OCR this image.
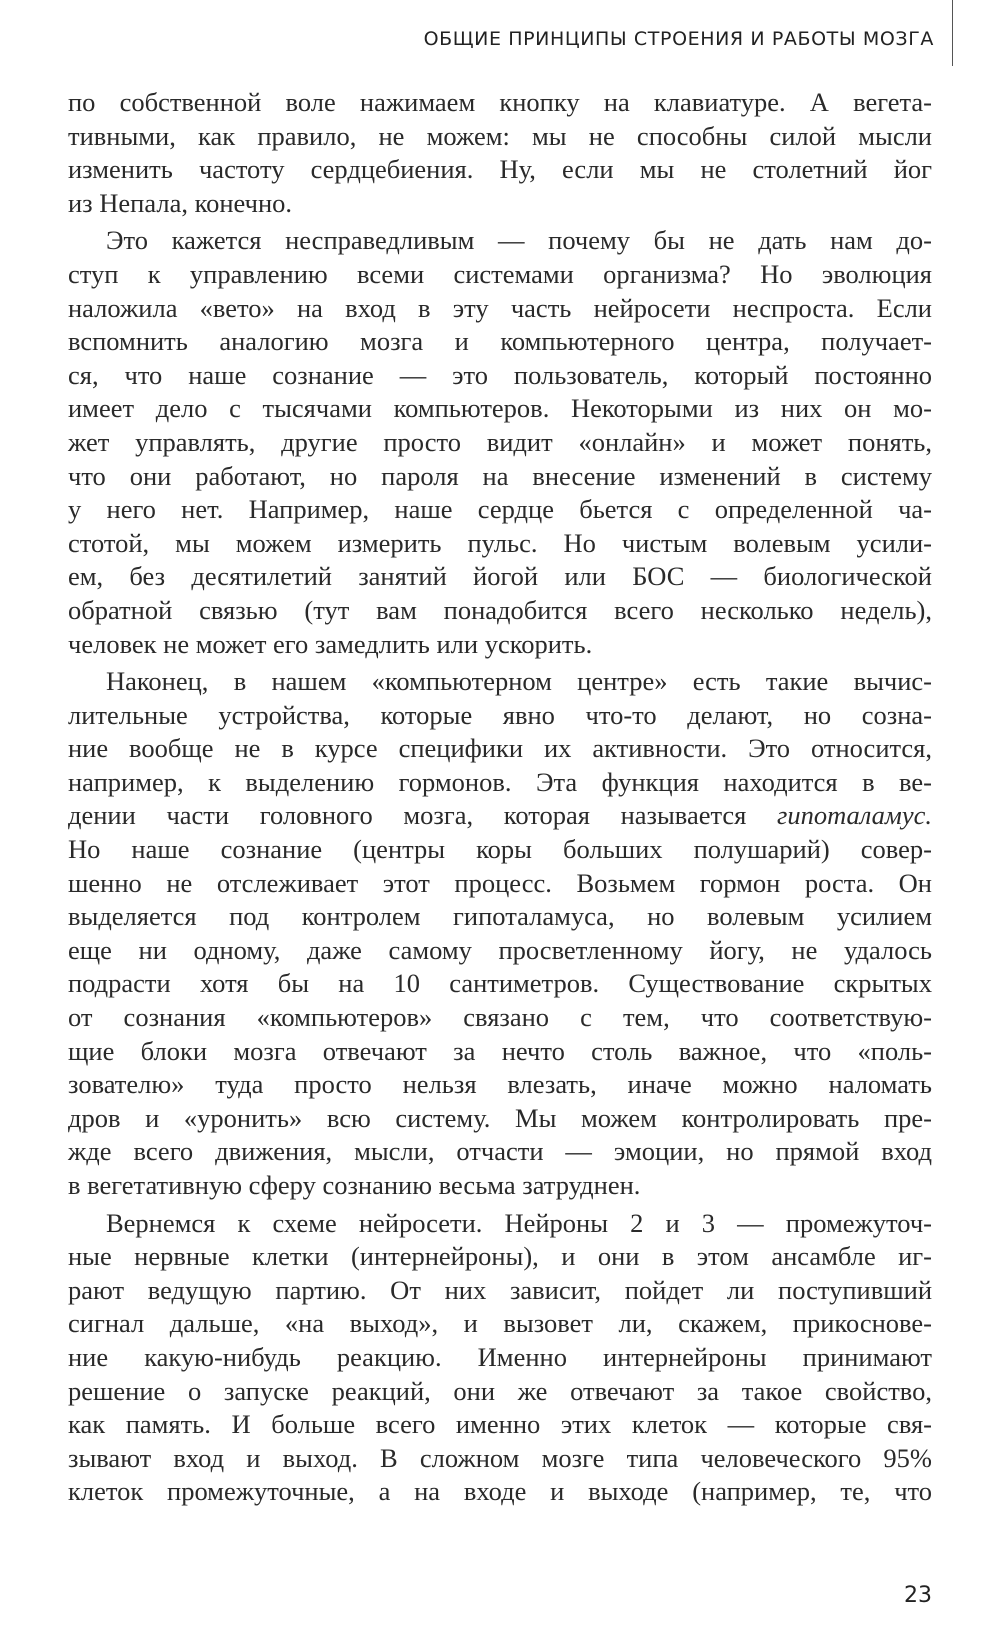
ОБЩИЕ ПРИНЦИПЫ СТРОЕНИЯ И РАБОТЫ МОЗГА
по собственной воле нажимаем кнопку на клавиатуре. А вегета-
тивными, как правило, не можем: мы не способны силой мысли
изменить частоту сердцебиения. Ну, если мы не столетний йог
из Непала, конечно.
Это кажется несправедливым — почему бы не дать нам до-
ступ к управлению всеми системами организма? Но эволюция
наложила «вето» на вход в эту часть нейросети неспроста. Если
вспомнить аналогию мозга и компьютерного центра, получает-
ся, что наше сознание — это пользователь, который постоянно
имеет дело с тысячами компьютеров. Некоторыми из них он мо-
жет управлять, другие просто видит «онлайн» и может понять,
что они работают, но пароля на внесение изменений в систему
у него нет. Например, наше сердце бьется с определенной ча-
стотой, мы можем измерить пульс. Но чистым волевым усили-
ем, без десятилетий занятий йогой или БОС — биологической
обратной связью (тут вам понадобится всего несколько недель),
человек не может его замедлить или ускорить.
Наконец, в нашем «компьютерном центре» есть такие вычис-
лительные устройства, которые явно что-то делают, но созна-
ние вообще не в курсе специфики их активности. Это относится,
например, к выделению гормонов. Эта функция находится в ве-
дении части головного мозга, которая называется гипоталамус.
Но наше сознание (центры коры больших полушарий) совер-
шенно не отслеживает этот процесс. Возьмем гормон роста. Он
выделяется под контролем гипоталамуса, но волевым усилием
еще ни одному, даже самому просветленному йогу, не удалось
подрасти хотя бы на 10 сантиметров. Существование скрытых
от сознания «компьютеров» связано с тем, что соответствую-
щие блоки мозга отвечают за нечто столь важное, что «поль-
зователю» туда просто нельзя влезать, иначе можно наломать
дров и «уронить» всю систему. Мы можем контролировать пре-
жде всего движения, мысли, отчасти — эмоции, но прямой вход
в вегетативную сферу сознанию весьма затруднен.
Вернемся к схеме нейросети. Нейроны 2 и 3 — промежуточ-
ные нервные клетки (интернейроны), и они в этом ансамбле иг-
рают ведущую партию. От них зависит, пойдет ли поступивший
сигнал дальше, «на выход», и вызовет ли, скажем, прикоснове-
ние какую-нибудь реакцию. Именно интернейроны принимают
решение о запуске реакций, они же отвечают за такое свойство,
как память. И больше всего именно этих клеток — которые свя-
зывают вход и выход. В сложном мозге типа человеческого 95%
клеток промежуточные, а на входе и выходе (например, те, что
23
